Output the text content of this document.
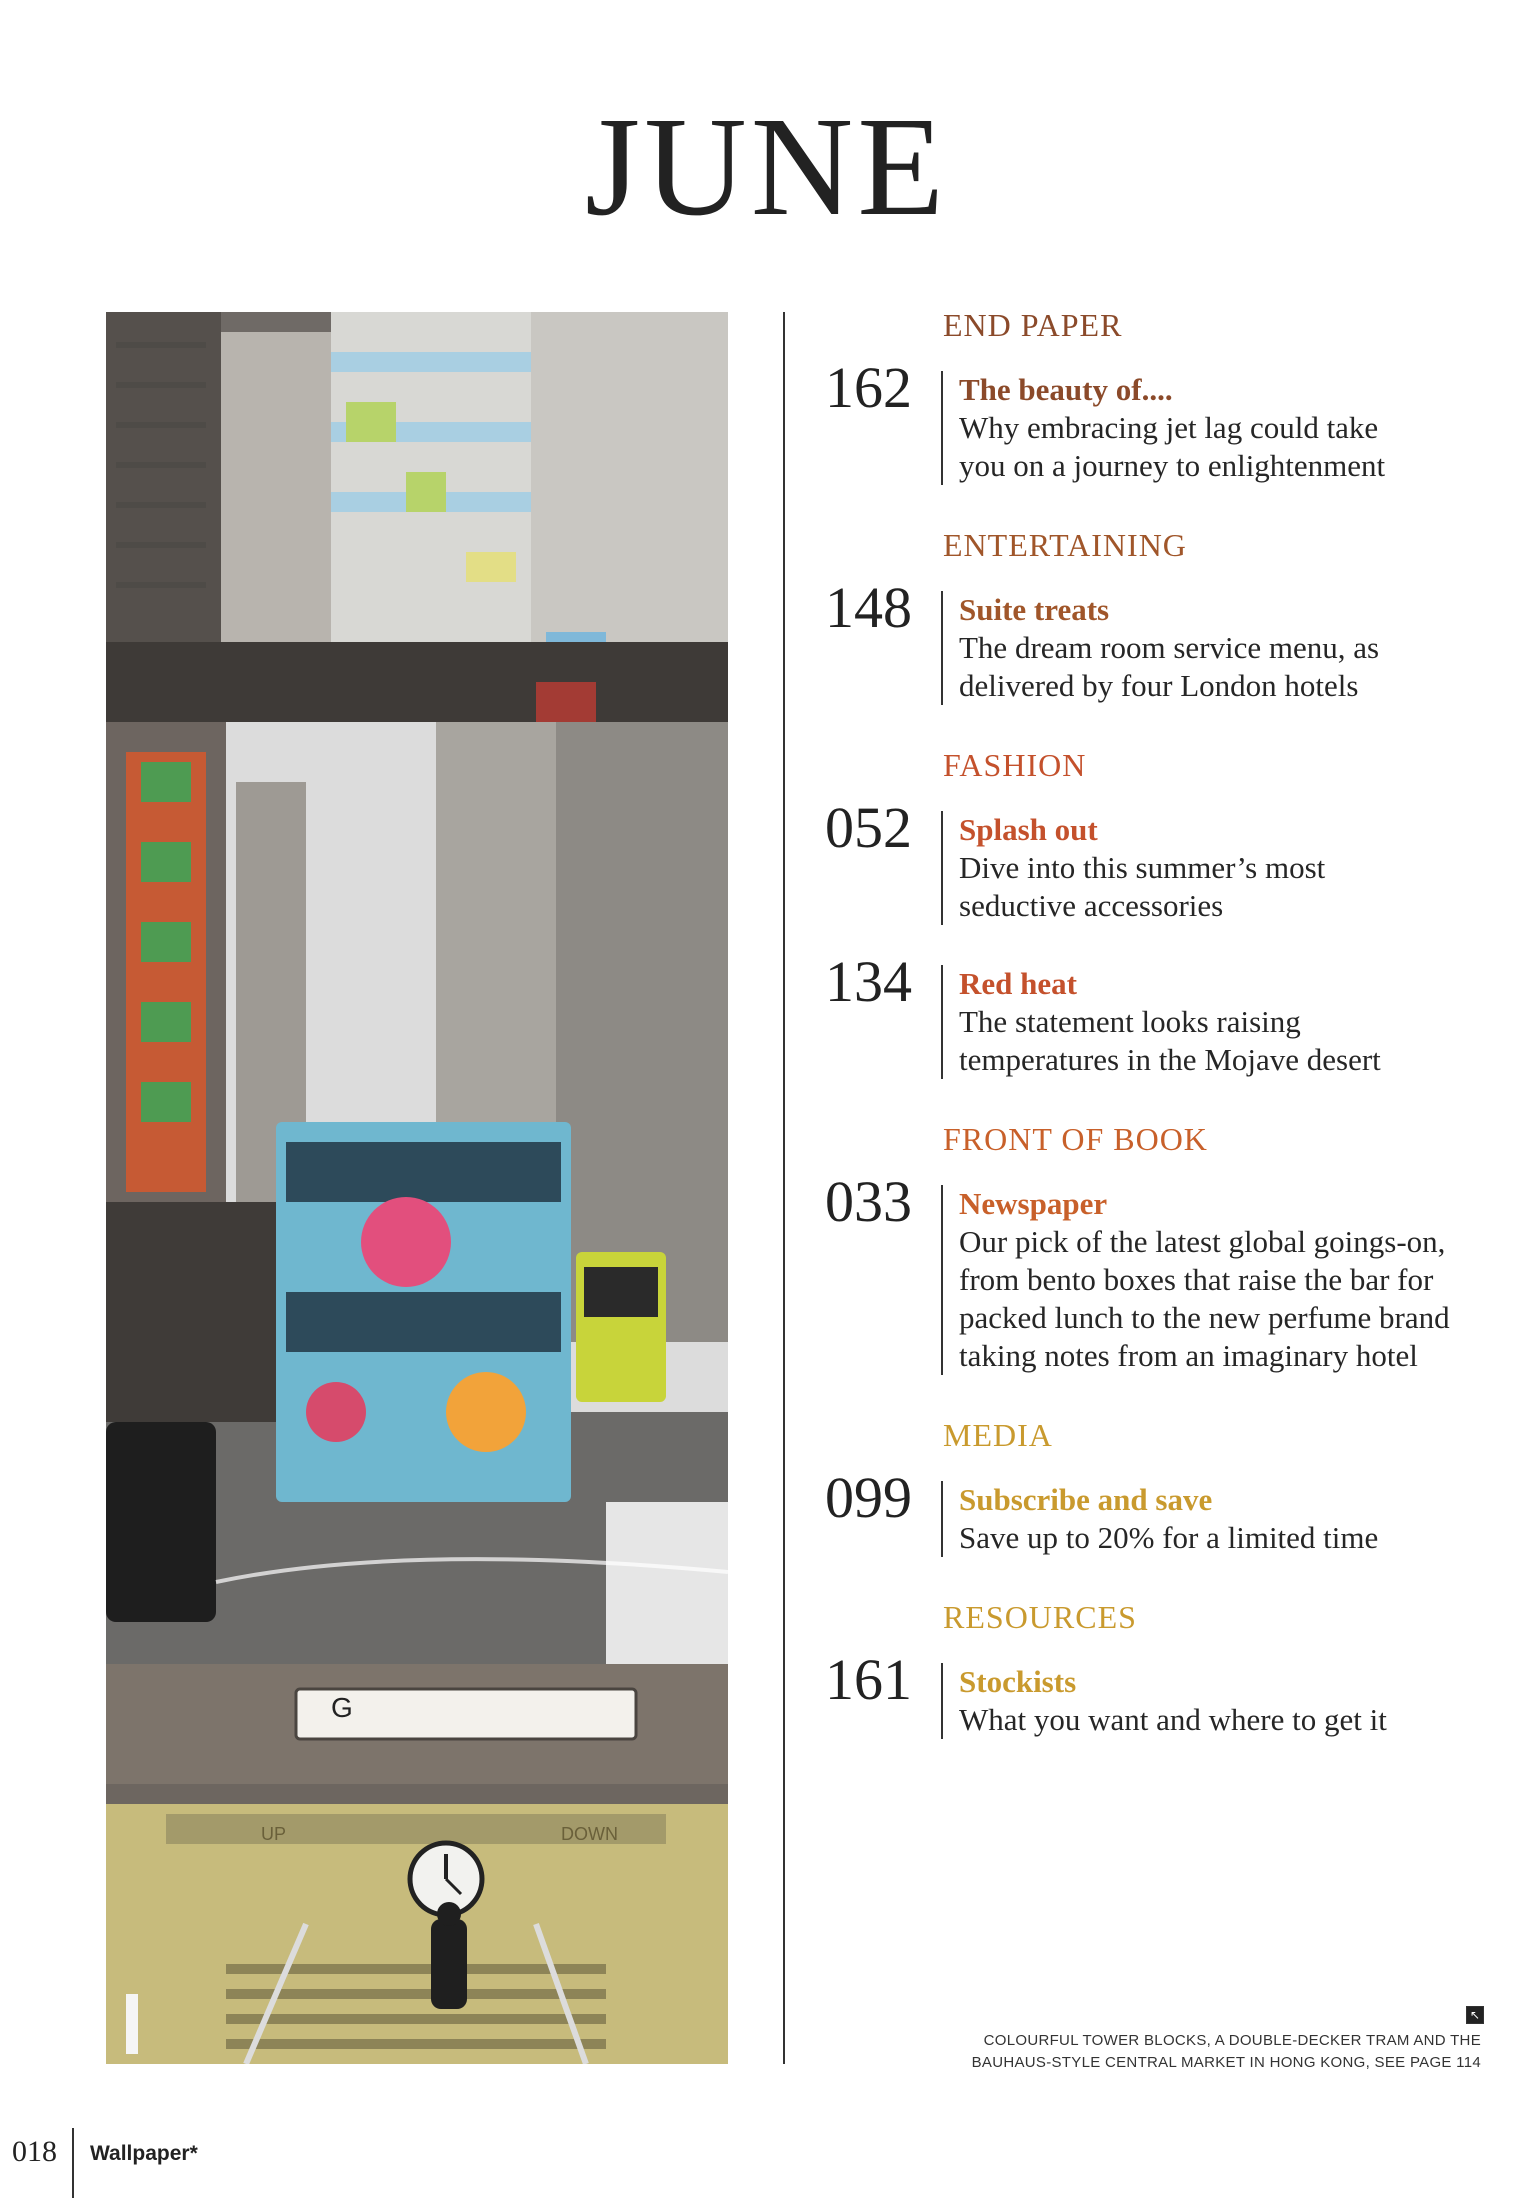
JUNE
G
UP	DOWN
END PAPER
162 The beauty of....
Why embracing jet lag could take
you on a journey to enlightenment
ENTERTAINING
148 Suite treats
The dream room service menu, as
delivered by four London hotels
FASHION
052 Splash out
Dive into this summer’s most
seductive accessories
134 Red heat
The statement looks raising
temperatures in the Mojave desert
FRONT OF BOOK
033 Newspaper
Our pick of the latest global goings-on,
from bento boxes that raise the bar for
packed lunch to the new perfume brand
taking notes from an imaginary hotel
MEDIA
099 Subscribe and save
Save up to 20% for a limited time
RESOURCES
161 Stockists
What you want and where to get it
↖
COLOURFUL TOWER BLOCKS, A DOUBLE-DECKER TRAM AND THE
BAUHAUS-STYLE CENTRAL MARKET IN HONG KONG, SEE PAGE 114
018 Wallpaper*
